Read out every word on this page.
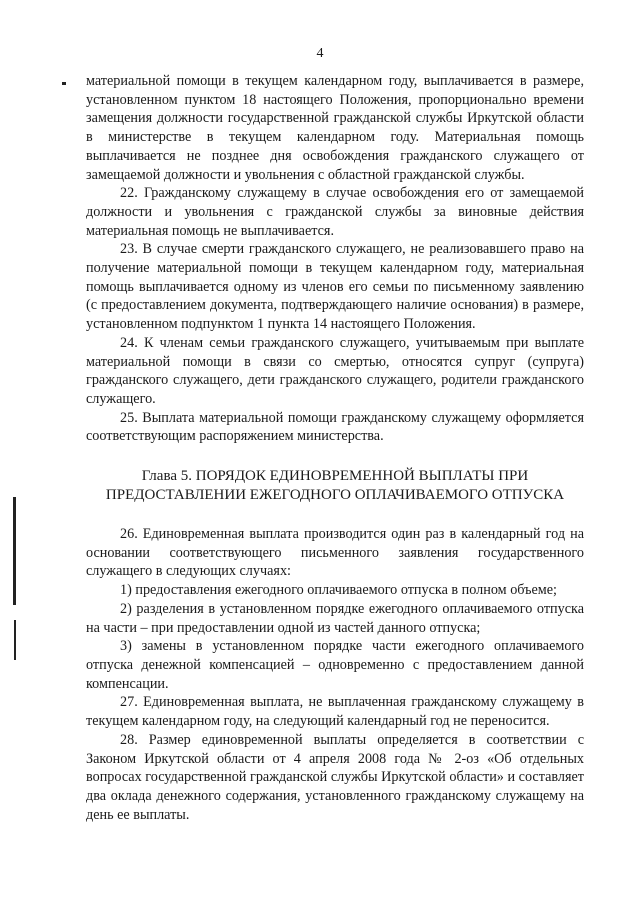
4

материальной помощи в текущем календарном году, выплачивается в размере, установленном пунктом 18 настоящего Положения, пропорционально времени замещения должности государственной гражданской службы Иркутской области в министерстве в текущем календарном году. Материальная помощь выплачивается не позднее дня освобождения гражданского служащего от замещаемой должности и увольнения с областной гражданской службы.

22. Гражданскому служащему в случае освобождения его от замещаемой должности и увольнения с гражданской службы за виновные действия материальная помощь не выплачивается.

23. В случае смерти гражданского служащего, не реализовавшего право на получение материальной помощи в текущем календарном году, материальная помощь выплачивается одному из членов его семьи по письменному заявлению (с предоставлением документа, подтверждающего наличие основания) в размере, установленном подпунктом 1 пункта 14 настоящего Положения.

24. К членам семьи гражданского служащего, учитываемым при выплате материальной помощи в связи со смертью, относятся супруг (супруга) гражданского служащего, дети гражданского служащего, родители гражданского служащего.

25. Выплата материальной помощи гражданскому служащему оформляется соответствующим распоряжением министерства.

Глава 5. ПОРЯДОК ЕДИНОВРЕМЕННОЙ ВЫПЛАТЫ ПРИ
ПРЕДОСТАВЛЕНИИ ЕЖЕГОДНОГО ОПЛАЧИВАЕМОГО ОТПУСКА

26. Единовременная выплата производится один раз в календарный год на основании соответствующего письменного заявления государственного служащего в следующих случаях:

1) предоставления ежегодного оплачиваемого отпуска в полном объеме;

2) разделения в установленном порядке ежегодного оплачиваемого отпуска на части – при предоставлении одной из частей данного отпуска;

3) замены в установленном порядке части ежегодного оплачиваемого отпуска денежной компенсацией – одновременно с предоставлением данной компенсации.

27. Единовременная выплата, не выплаченная гражданскому служащему в текущем календарном году, на следующий календарный год не переносится.

28. Размер единовременной выплаты определяется в соответствии с Законом Иркутской области от 4 апреля 2008 года № 2-оз «Об отдельных вопросах государственной гражданской службы Иркутской области» и составляет два оклада денежного содержания, установленного гражданскому служащему на день ее выплаты.
